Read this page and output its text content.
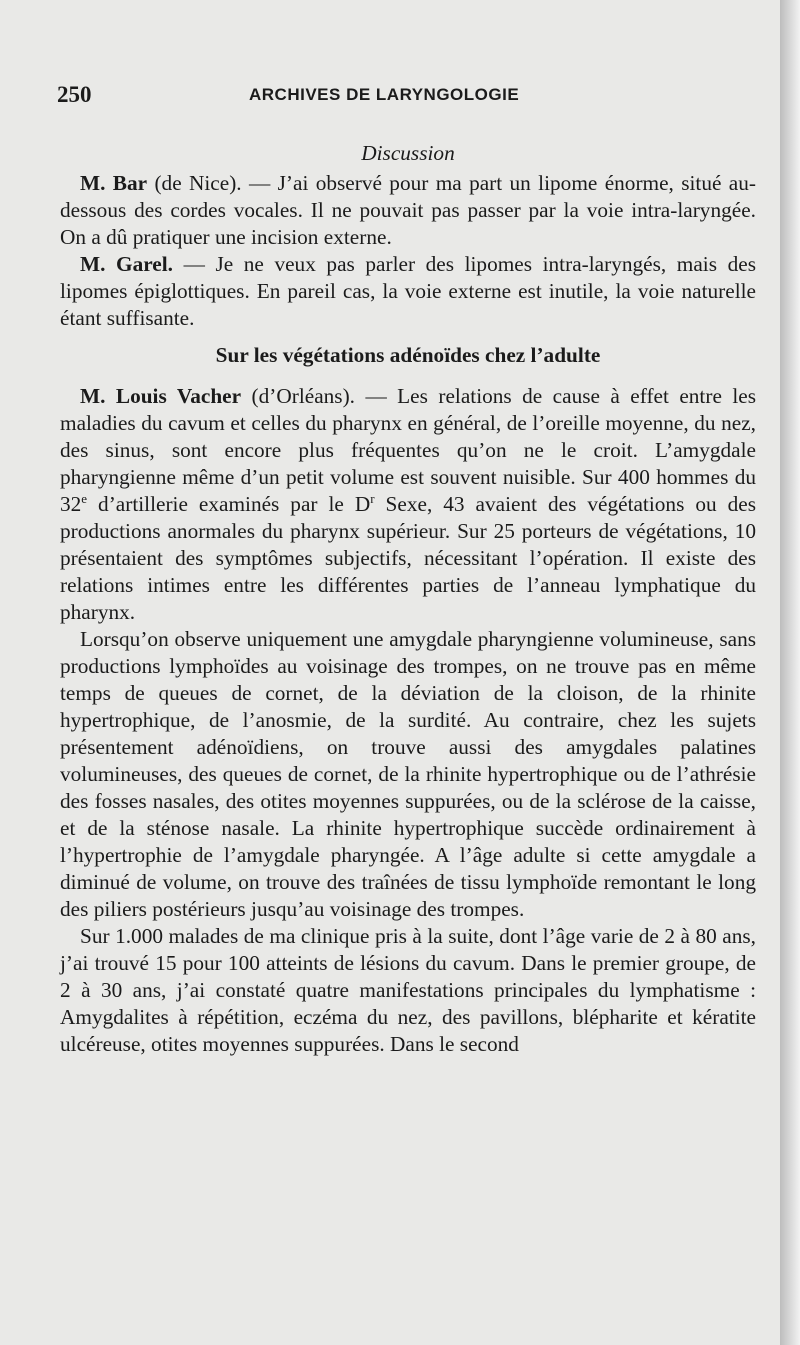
250	ARCHIVES DE LARYNGOLOGIE

Discussion

M. Bar (de Nice). — J’ai observé pour ma part un lipome énorme, situé au-dessous des cordes vocales. Il ne pouvait pas passer par la voie intra-laryngée. On a dû pratiquer une incision externe.

M. Garel. — Je ne veux pas parler des lipomes intra-laryngés, mais des lipomes épiglottiques. En pareil cas, la voie externe est inutile, la voie naturelle étant suffisante.

Sur les végétations adénoïdes chez l’adulte

M. Louis Vacher (d’Orléans). — Les relations de cause à effet entre les maladies du cavum et celles du pharynx en général, de l’oreille moyenne, du nez, des sinus, sont encore plus fréquentes qu’on ne le croit. L’amygdale pharyngienne même d’un petit volume est souvent nuisible. Sur 400 hommes du 32e d’artillerie examinés par le $D^r$ Sexe, 43 avaient des végétations ou des productions anormales du pharynx supérieur. Sur 25 porteurs de végétations, 10 présentaient des symptômes subjectifs, nécessitant l’opération. Il existe des relations intimes entre les différentes parties de l’anneau lymphatique du pharynx.

Lorsqu’on observe uniquement une amygdale pharyngienne volumineuse, sans productions lymphoïdes au voisinage des trompes, on ne trouve pas en même temps de queues de cornet, de la déviation de la cloison, de la rhinite hypertrophique, de l’anosmie, de la surdité. Au contraire, chez les sujets présentement adénoïdiens, on trouve aussi des amygdales palatines volumineuses, des queues de cornet, de la rhinite hypertrophique ou de l’athrésie des fosses nasales, des otites moyennes suppurées, ou de la sclérose de la caisse, et de la sténose nasale. La rhinite hypertrophique succède ordinairement à l’hypertrophie de l’amygdale pharyngée. A l’âge adulte si cette amygdale a diminué de volume, on trouve des traînées de tissu lymphoïde remontant le long des piliers postérieurs jusqu’au voisinage des trompes.

Sur 1.000 malades de ma clinique pris à la suite, dont l’âge varie de 2 à 80 ans, j’ai trouvé 15 pour 100 atteints de lésions du cavum. Dans le premier groupe, de 2 à 30 ans, j’ai constaté quatre manifestations principales du lymphatisme : Amygdalites à répétition, eczéma du nez, des pavillons, blépharite et kératite ulcéreuse, otites moyennes suppurées. Dans le second
